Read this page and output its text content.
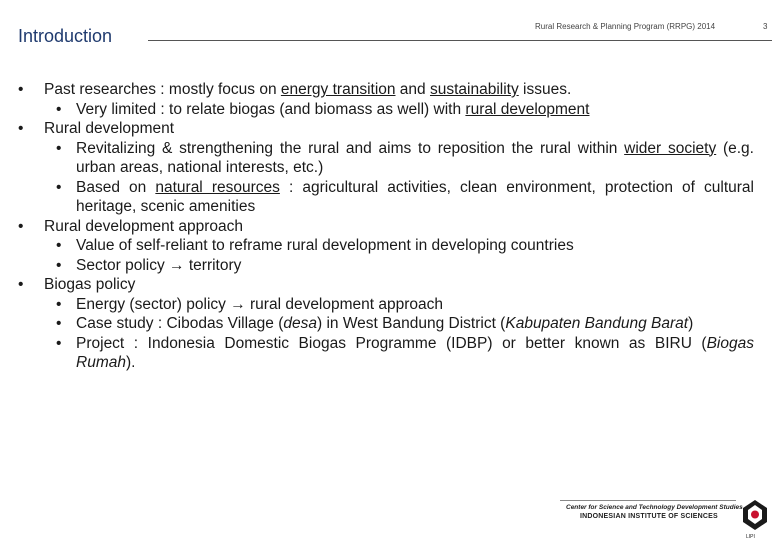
Introduction	Rural Research & Planning Program (RRPG) 2014	3
• Past researches : mostly focus on energy transition and sustainability issues.
• Very limited : to relate biogas (and biomass as well) with rural development
• Rural development
• Revitalizing & strengthening the rural and aims to reposition the rural within wider society (e.g. urban areas, national interests, etc.)
• Based on natural resources : agricultural activities, clean environment, protection of cultural heritage, scenic amenities
• Rural development approach
• Value of self-reliant to reframe rural development in developing countries
• Sector policy → territory
• Biogas policy
• Energy (sector) policy → rural development approach
• Case study : Cibodas Village (desa) in West Bandung District (Kabupaten Bandung Barat)
• Project : Indonesia Domestic Biogas Programme (IDBP) or better known as BIRU (Biogas Rumah).
Center for Science and Technology Development Studies
INDONESIAN INSTITUTE OF SCIENCES
LIPI
